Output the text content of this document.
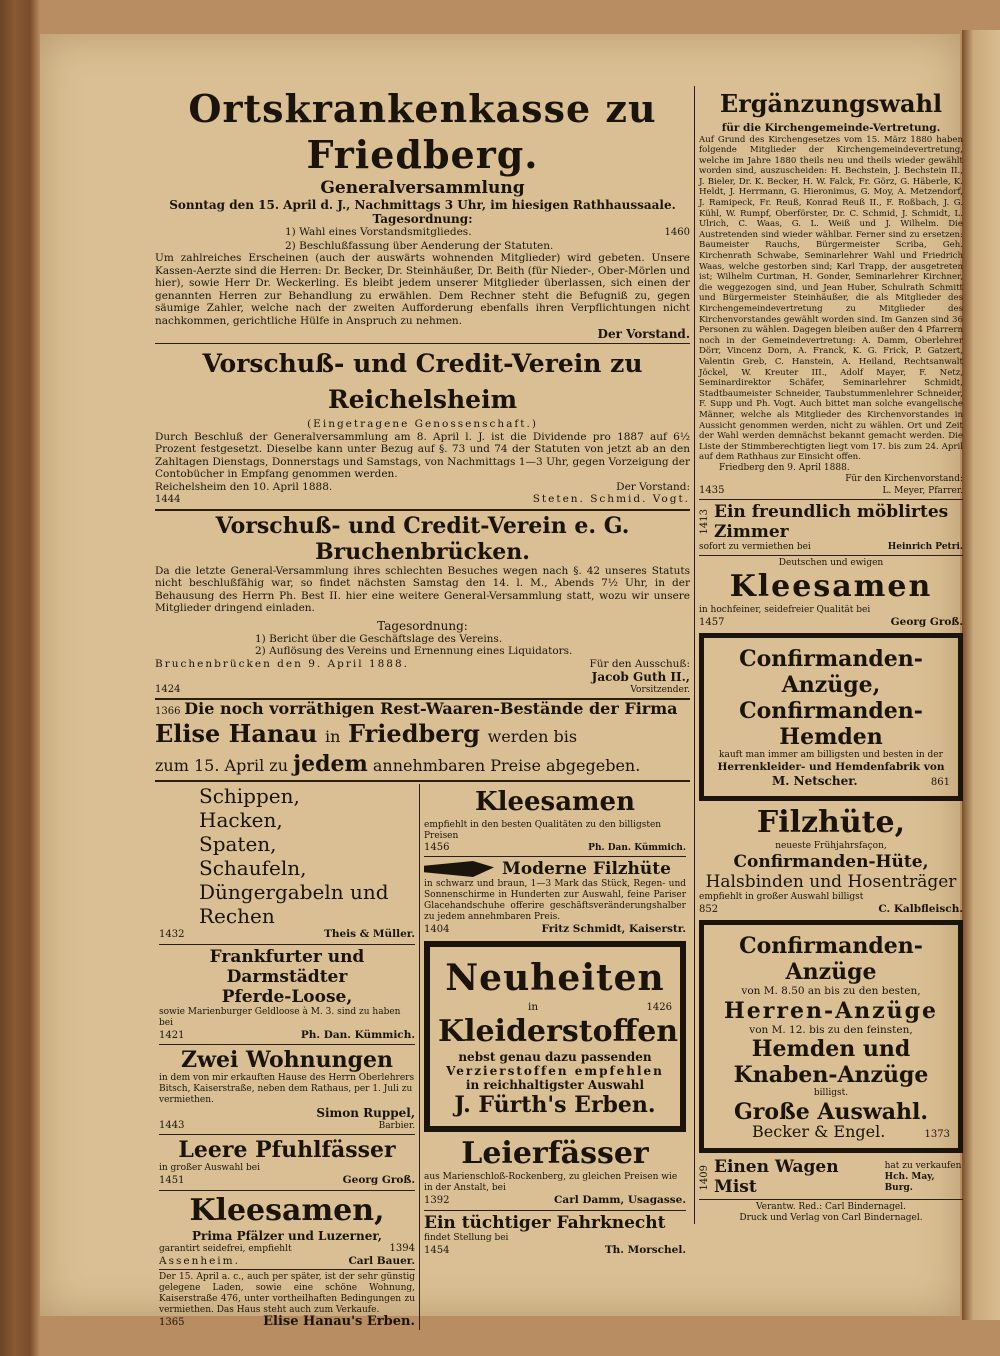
Ortskrankenkasse zu Friedberg.
Generalversammlung
Sonntag den 15. April d. J., Nachmittags 3 Uhr, im hiesigen Rathhaussaale.
Tagesordnung:
1) Wahl eines Vorstandsmitgliedes.	1460
2) Beschlußfassung über Aenderung der Statuten.
Um zahlreiches Erscheinen (auch der auswärts wohnenden Mitglieder) wird gebeten. Unsere Kassen-Aerzte sind die Herren: Dr. Becker, Dr. Steinhäußer, Dr. Beith (für Nieder-, Ober-Mörlen und hier), sowie Herr Dr. Weckerling. Es bleibt jedem unserer Mitglieder überlassen, sich einen der genannten Herren zur Behandlung zu erwählen. Dem Rechner steht die Befugniß zu, gegen säumige Zahler, welche nach der zweiten Aufforderung ebenfalls ihren Verpflichtungen nicht nachkommen, gerichtliche Hülfe in Anspruch zu nehmen.
Der Vorstand.
Vorschuß- und Credit-Verein zu Reichelsheim
(Eingetragene Genossenschaft.)
Durch Beschluß der Generalversammlung am 8. April l. J. ist die Dividende pro 1887 auf 6½ Prozent festgesetzt. Dieselbe kann unter Bezug auf §. 73 und 74 der Statuten von jetzt ab an den Zahltagen Dienstags, Donnerstags und Samstags, von Nachmittags 1—3 Uhr, gegen Vorzeigung der Contobücher in Empfang genommen werden.
Reichelsheim den 10. April 1888.	Der Vorstand:
1444	Steten. Schmid. Vogt.
Vorschuß- und Credit-Verein e. G. Bruchenbrücken.
Da die letzte General-Versammlung ihres schlechten Besuches wegen nach §. 42 unseres Statuts nicht beschlußfähig war, so findet nächsten Samstag den 14. l. M., Abends 7½ Uhr, in der Behausung des Herrn Ph. Best II. hier eine weitere General-Versammlung statt, wozu wir unsere Mitglieder dringend einladen.
Tagesordnung:
1) Bericht über die Geschäftslage des Vereins.
2) Auflösung des Vereins und Ernennung eines Liquidators.
Bruchenbrücken den 9. April 1888.	Für den Ausschuß:
Jacob Guth II.,
1424	Vorsitzender.
1366 Die noch vorräthigen Rest-Waaren-Bestände der Firma
Elise Hanau in Friedberg werden bis
zum 15. April zu jedem annehmbaren Preise abgegeben.
Schippen,
Hacken,
Spaten,
Schaufeln,
Düngergabeln und
Rechen
1432	Theis & Müller.
Frankfurter und Darmstädter
Pferde-Loose,
sowie Marienburger Geldloose à M. 3. sind zu haben bei
1421	Ph. Dan. Kümmich.
Zwei Wohnungen
in dem von mir erkauften Hause des Herrn Oberlehrers Bitsch, Kaiserstraße, neben dem Rathaus, per 1. Juli zu vermiethen.
Simon Ruppel,
1443	Barbier.
Leere Pfuhlfässer
in großer Auswahl bei
1451	Georg Groß.
Kleesamen,
Prima Pfälzer und Luzerner,
garantirt seidefrei, empfiehlt	1394
Assenheim.	Carl Bauer.
Der 15. April a. c., auch per später, ist der sehr günstig gelegene Laden, sowie eine schöne Wohnung, Kaiserstraße 476, unter vortheilhaften Bedingungen zu vermiethen. Das Haus steht auch zum Verkaufe.
1365	Elise Hanau's Erben.
Kleesamen
empfiehlt in den besten Qualitäten zu den billigsten Preisen
1456	Ph. Dan. Kümmich.
Moderne Filzhüte
in schwarz und braun, 1—3 Mark das Stück, Regen- und Sonnenschirme in Hunderten zur Auswahl, feine Pariser Glacehandschuhe offerire geschäftsveränderungshalber zu jedem annehmbaren Preis.
1404	Fritz Schmidt, Kaiserstr.
Neuheiten
in	1426
Kleiderstoffen
nebst genau dazu passenden
Verzierstoffen empfehlen
in reichhaltigster Auswahl
J. Fürth's Erben.
Leierfässer
aus Marienschloß-Rockenberg, zu gleichen Preisen wie in der Anstalt, bei
1392	Carl Damm, Usagasse.
Ein tüchtiger Fahrknecht
findet Stellung bei
1454	Th. Morschel.
Ergänzungswahl
für die Kirchengemeinde-Vertretung.
Auf Grund des Kirchengesetzes vom 15. März 1880 haben folgende Mitglieder der Kirchengemeindevertretung, welche im Jahre 1880 theils neu und theils wieder gewählt worden sind, auszuscheiden: H. Bechstein, J. Bechstein II., J. Bieler, Dr. K. Becker, H. W. Falck, Fr. Görz, G. Häberle, K. Heldt, J. Herrmann, G. Hieronimus, G. Moy, A. Metzendorf, J. Ramipeck, Fr. Reuß, Konrad Reuß II., F. Roßbach, J. G. Kühl, W. Rumpf, Oberförster, Dr. C. Schmid, J. Schmidt, L. Ulrich, C. Waas, G. L. Weiß und J. Wilhelm. Die Austretenden sind wieder wählbar. Ferner sind zu ersetzen: Baumeister Rauchs, Bürgermeister Scriba, Geh. Kirchenrath Schwabe, Seminarlehrer Wahl und Friedrich Waas, welche gestorben sind; Karl Trapp, der ausgetreten ist; Wilhelm Curtman, H. Gonder, Seminarlehrer Kirchner, die weggezogen sind, und Jean Huber, Schulrath Schmitt und Bürgermeister Steinhäußer, die als Mitglieder des Kirchengemeindevertretung zu Mitglieder des Kirchenvorstandes gewählt worden sind. Im Ganzen sind 36 Personen zu wählen. Dagegen bleiben außer den 4 Pfarrern noch in der Gemeindevertretung: A. Damm, Oberlehrer Dörr, Vincenz Dorn, A. Franck, K. G. Frick, P. Gatzert, Valentin Greb, C. Hanstein, A. Heiland, Rechtsanwalt Jöckel, W. Kreuter III., Adolf Mayer, F. Netz, Seminardirektor Schäfer, Seminarlehrer Schmidt, Stadtbaumeister Schneider, Taubstummenlehrer Schneider, F. Supp und Ph. Vogt. Auch bittet man solche evangelische Männer, welche als Mitglieder des Kirchenvorstandes in Aussicht genommen werden, nicht zu wählen. Ort und Zeit der Wahl werden demnächst bekannt gemacht werden. Die Liste der Stimmberechtigten liegt vom 17. bis zum 24. April auf dem Rathhaus zur Einsicht offen.
Friedberg den 9. April 1888.
Für den Kirchenvorstand:
1435	L. Meyer, Pfarrer.
1413 Ein freundlich möblirtes Zimmer
sofort zu vermiethen bei	Heinrich Petri.
Deutschen und ewigen
Kleesamen
in hochfeiner, seidefreier Qualität bei
1457	Georg Groß.
Confirmanden-Anzüge,
Confirmanden-Hemden
kauft man immer am billigsten und besten in der
Herrenkleider- und Hemdenfabrik von
M. Netscher.	861
Filzhüte,
neueste Frühjahrsfaçon,
Confirmanden-Hüte,
Halsbinden und Hosenträger
empfiehlt in großer Auswahl billigst
852	C. Kalbfleisch.
Confirmanden-Anzüge
von M. 8.50 an bis zu den besten,
Herren-Anzüge
von M. 12. bis zu den feinsten,
Hemden und Knaben-Anzüge
billigst.
Große Auswahl.
Becker & Engel.	1373
1409 Einen Wagen Mist
hat zu verkaufen
Hch. May, Burg.
Verantw. Red.: Carl Bindernagel.
Druck und Verlag von Carl Bindernagel.
